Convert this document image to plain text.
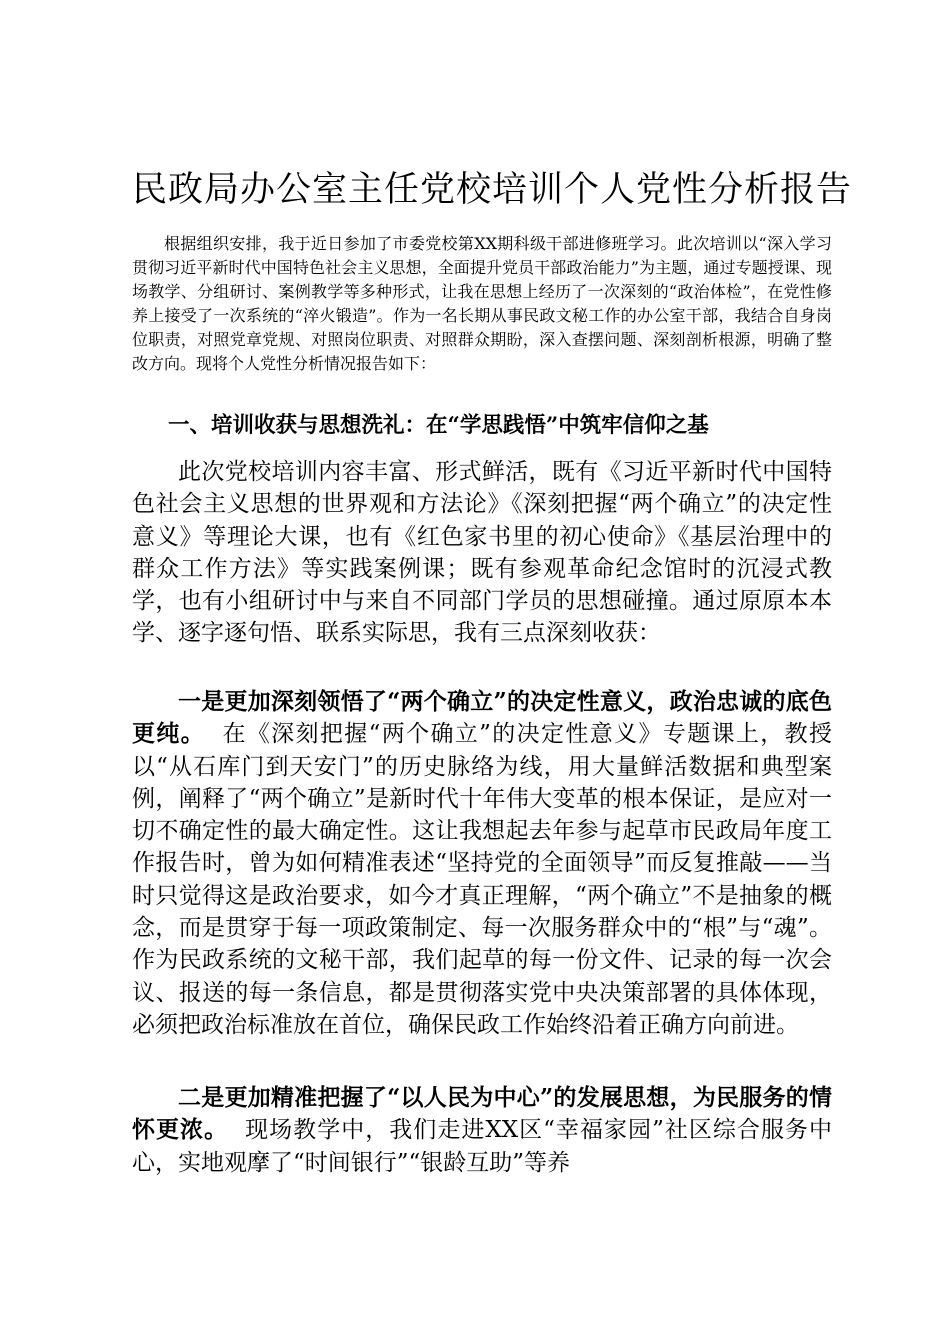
民政局办公室主任党校培训个人党性分析报告

根据组织安排，我于近日参加了市委党校第XX期科级干部进修班学习。此次培训以“深入学习贯彻习近平新时代中国特色社会主义思想，全面提升党员干部政治能力”为主题，通过专题授课、现场教学、分组研讨、案例教学等多种形式，让我在思想上经历了一次深刻的“政治体检”，在党性修养上接受了一次系统的“淬火锻造”。作为一名长期从事民政文秘工作的办公室干部，我结合自身岗位职责，对照党章党规、对照岗位职责、对照群众期盼，深入查摆问题、深刻剖析根源，明确了整改方向。现将个人党性分析情况报告如下：

一、培训收获与思想洗礼：在“学思践悟”中筑牢信仰之基

此次党校培训内容丰富、形式鲜活，既有《习近平新时代中国特色社会主义思想的世界观和方法论》《深刻把握“两个确立”的决定性意义》等理论大课，也有《红色家书里的初心使命》《基层治理中的群众工作方法》等实践案例课；既有参观革命纪念馆时的沉浸式教学，也有小组研讨中与来自不同部门学员的思想碰撞。通过原原本本学、逐字逐句悟、联系实际思，我有三点深刻收获：

一是更加深刻领悟了“两个确立”的决定性意义，政治忠诚的底色更纯。 在《深刻把握“两个确立”的决定性意义》专题课上，教授以“从石库门到天安门”的历史脉络为线，用大量鲜活数据和典型案例，阐释了“两个确立”是新时代十年伟大变革的根本保证，是应对一切不确定性的最大确定性。这让我想起去年参与起草市民政局年度工作报告时，曾为如何精准表述“坚持党的全面领导”而反复推敲——当时只觉得这是政治要求，如今才真正理解，“两个确立”不是抽象的概念，而是贯穿于每一项政策制定、每一次服务群众中的“根”与“魂”。作为民政系统的文秘干部，我们起草的每一份文件、记录的每一次会议、报送的每一条信息，都是贯彻落实党中央决策部署的具体体现，必须把政治标准放在首位，确保民政工作始终沿着正确方向前进。

二是更加精准把握了“以人民为中心”的发展思想，为民服务的情怀更浓。 现场教学中，我们走进XX区“幸福家园”社区综合服务中心，实地观摩了“时间银行”“银龄互助”等养
